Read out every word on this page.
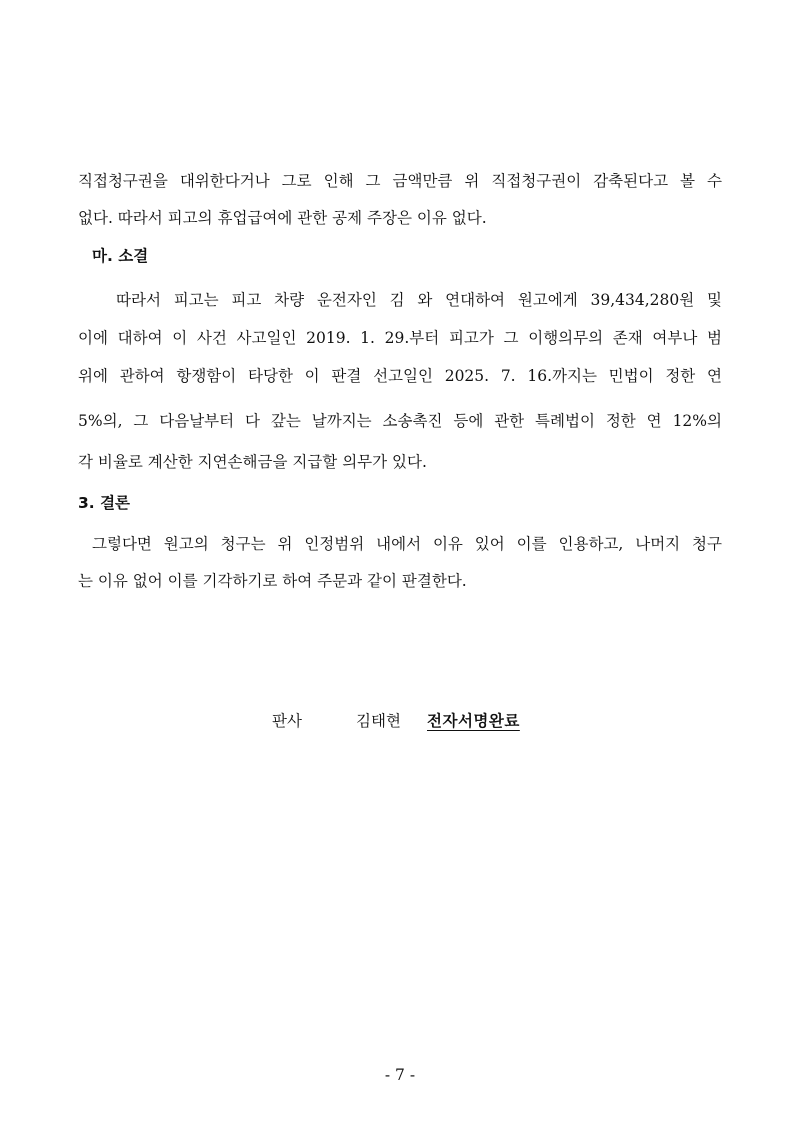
직접청구권을 대위한다거나 그로 인해 그 금액만큼 위 직접청구권이 감축된다고 볼 수

없다. 따라서 피고의 휴업급여에 관한 공제 주장은 이유 없다.

마. 소결

따라서 피고는 피고 차량 운전자인 김 와 연대하여 원고에게 39,434,280원 및

이에 대하여 이 사건 사고일인 2019. 1. 29.부터 피고가 그 이행의무의 존재 여부나 범

위에 관하여 항쟁함이 타당한 이 판결 선고일인 2025. 7. 16.까지는 민법이 정한 연

5%의, 그 다음날부터 다 갚는 날까지는 소송촉진 등에 관한 특례법이 정한 연 12%의

각 비율로 계산한 지연손해금을 지급할 의무가 있다.

3. 결론

그렇다면 원고의 청구는 위 인정범위 내에서 이유 있어 이를 인용하고, 나머지 청구

는 이유 없어 이를 기각하기로 하여 주문과 같이 판결한다.

판사	김태현 전자서명완료
- 7 -
